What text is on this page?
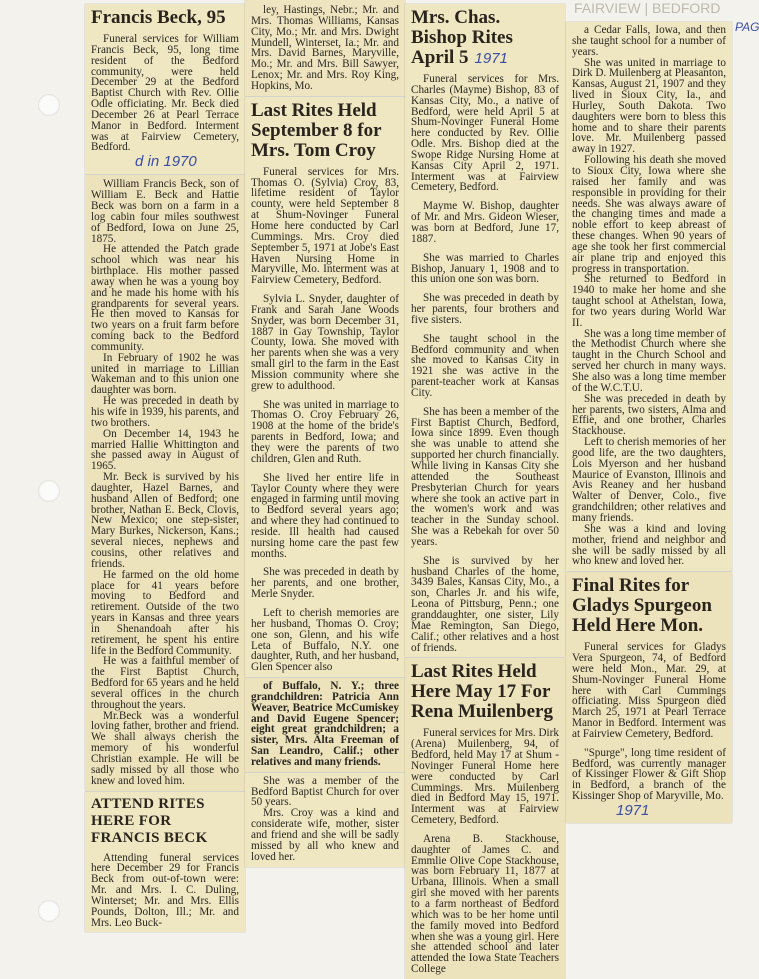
FAIRVIEW | BEDFORD
PAG
Francis Beck, 95

Funeral services for William Francis Beck, 95, long time resident of the Bedford community, were held December 29 at the Bedford Baptist Church with Rev. Ollie Odle officiating. Mr. Beck died December 26 at Pearl Terrace Manor in Bedford. Interment was at Fairview Cemetery, Bedford.

d in 1970

William Francis Beck, son of William E. Beck and Hattie Beck was born on a farm in a log cabin four miles southwest of Bedford, Iowa on June 25, 1875.

He attended the Patch grade school which was near his birthplace. His mother passed away when he was a young boy and he made his home with his grandparents for several years. He then moved to Kansas for two years on a fruit farm before coming back to the Bedford community.

In February of 1902 he was united in marriage to Lillian Wakeman and to this union one daughter was born.

He was preceded in death by his wife in 1939, his parents, and two brothers.

On December 14, 1943 he married Hallie Whittington and she passed away in August of 1965.

Mr. Beck is survived by his daughter, Hazel Barnes, and husband Allen of Bedford; one brother, Nathan E. Beck, Clovis, New Mexico; one step-sister, Mary Burkes, Nickerson, Kans.; several nieces, nephews and cousins, other relatives and friends.

He farmed on the old home place for 41 years before moving to Bedford and retirement. Outside of the two years in Kansas and three years in Shenandoah after his retirement, he spent his entire life in the Bedford Community.

He was a faithful member of the First Baptist Church, Bedford for 65 years and he held several offices in the church throughout the years.

Mr.Beck was a wonderful loving father, brother and friend. We shall always cherish the memory of his wonderful Christian example. He will be sadly missed by all those who knew and loved him.

ATTEND RITES HERE FOR FRANCIS BECK

Attending funeral services here December 29 for Francis Beck from out-of-town were: Mr. and Mrs. I. C. Duling, Winterset; Mr. and Mrs. Ellis Pounds, Dolton, Ill.; Mr. and Mrs. Leo Buck-

ley, Hastings, Nebr.; Mr. and Mrs. Thomas Williams, Kansas City, Mo.; Mr. and Mrs. Dwight Mundell, Winterset, Ia.; Mr. and Mrs. David Barnes, Maryville, Mo.; Mr. and Mrs. Bill Sawyer, Lenox; Mr. and Mrs. Roy King, Hopkins, Mo.

Last Rites Held September 8 for Mrs. Tom Croy

Funeral services for Mrs. Thomas O. (Sylvia) Croy, 83, lifetime resident of Taylor county, were held September 8 at Shum-Novinger Funeral Home here conducted by Carl Cummings. Mrs. Croy died September 5, 1971 at Jobe's East Haven Nursing Home in Maryville, Mo. Interment was at Fairview Cemetery, Bedford.

Sylvia L. Snyder, daughter of Frank and Sarah Jane Woods Snyder, was born December 31, 1887 in Gay Township, Taylor County, Iowa. She moved with her parents when she was a very small girl to the farm in the East Mission community where she grew to adulthood.

She was united in marriage to Thomas O. Croy February 26, 1908 at the home of the bride's parents in Bedford, Iowa; and they were the parents of two children, Glen and Ruth.

She lived her entire life in Taylor County where they were engaged in farming until moving to Bedford several years ago; and where they had continued to reside. Ill health had caused nursing home care the past few months.

She was preceded in death by her parents, and one brother, Merle Snyder.

Left to cherish memories are her husband, Thomas O. Croy; one son, Glenn, and his wife Leta of Buffalo, N.Y. one daughter, Ruth, and her husband, Glen Spencer also

of Buffalo, N. Y.; three grandchildren: Patricia Ann Weaver, Beatrice McCumiskey and David Eugene Spencer; eight great grandchildren; a sister, Mrs. Alta Freeman of San Leandro, Calif.; other relatives and many friends.

She was a member of the Bedford Baptist Church for over 50 years.

Mrs. Croy was a kind and considerate wife, mother, sister and friend and she will be sadly missed by all who knew and loved her.

Mrs. Chas. Bishop Rites April 5 1971

Funeral services for Mrs. Charles (Mayme) Bishop, 83 of Kansas City, Mo., a native of Bedford, were held April 5 at Shum-Novinger Funeral Home here conducted by Rev. Ollie Odle. Mrs. Bishop died at the Swope Ridge Nursing Home at Kansas City April 2, 1971. Interment was at Fairview Cemetery, Bedford.

Mayme W. Bishop, daughter of Mr. and Mrs. Gideon Wieser, was born at Bedford, June 17, 1887.

She was married to Charles Bishop, January 1, 1908 and to this union one son was born.

She was preceded in death by her parents, four brothers and five sisters.

She taught school in the Bedford community and when she moved to Kansas City in 1921 she was active in the parent-teacher work at Kansas City.

She has been a member of the First Baptist Church, Bedford, Iowa since 1899. Even though she was unable to attend she supported her church financially. While living in Kansas City she attended the Southeast Presbyterian Church for years where she took an active part in the women's work and was teacher in the Sunday school. She was a Rebekah for over 50 years.

She is survived by her husband Charles of the home, 3439 Bales, Kansas City, Mo., a son, Charles Jr. and his wife, Leona of Pittsburg, Penn.; one granddaughter, one sister, Lily Mae Remington, San Diego, Calif.; other relatives and a host of friends.

Last Rites Held Here May 17 For Rena Muilenberg

Funeral services for Mrs. Dirk (Arena) Muilenberg, 94, of Bedford, held May 17 at Shum - Novinger Funeral Home here were conducted by Carl Cummings. Mrs. Muilenberg died in Bedford May 15, 1971. Interment was at Fairview Cemetery, Bedford.

Arena B. Stackhouse, daughter of James C. and Emmlie Olive Cope Stackhouse, was born February 11, 1877 at Urbana, Illinois. When a small girl she moved with her parents to a farm northeast of Bedford which was to be her home until the family moved into Bedford when she was a young girl. Here she attended school and later attended the Iowa State Teachers College

a Cedar Falls, Iowa, and then she taught school for a number of years.

She was united in marriage to Dirk D. Muilenberg at Pleasanton, Kansas, August 21, 1907 and they lived in Sioux City, Ia., and Hurley, South Dakota. Two daughters were born to bless this home and to share their parents love. Mr. Muilenberg passed away in 1927.

Following his death she moved to Sioux City, Iowa where she raised her family and was responsible in providing for their needs. She was always aware of the changing times and made a noble effort to keep abreast of these changes. When 90 years of age she took her first commercial air plane trip and enjoyed this progress in transportation.

She returned to Bedford in 1940 to make her home and she taught school at Athelstan, Iowa, for two years during World War II.

She was a long time member of the Methodist Church where she taught in the Church School and served her church in many ways. She also was a long time member of the W.C.T.U.

She was preceded in death by her parents, two sisters, Alma and Effie, and one brother, Charles Stackhouse.

Left to cherish memories of her good life, are the two daughters, Lois Myerson and her husband Maurice of Evanston, Illinois and Avis Reaney and her husband Walter of Denver, Colo., five grandchildren; other relatives and many friends.

She was a kind and loving mother, friend and neighbor and she will be sadly missed by all who knew and loved her.

Final Rites for Gladys Spurgeon Held Here Mon.

Funeral services for Gladys Vera Spurgeon, 74, of Bedford were held Mon., Mar. 29, at Shum-Novinger Funeral Home here with Carl Cummings officiating. Miss Spurgeon died March 25, 1971 at Pearl Terrace Manor in Bedford. Interment was at Fairview Cemetery, Bedford.

"Spurge", long time resident of Bedford, was currently manager of Kissinger Flower & Gift Shop in Bedford, a branch of the Kissinger Shop of Maryville, Mo.

1971
